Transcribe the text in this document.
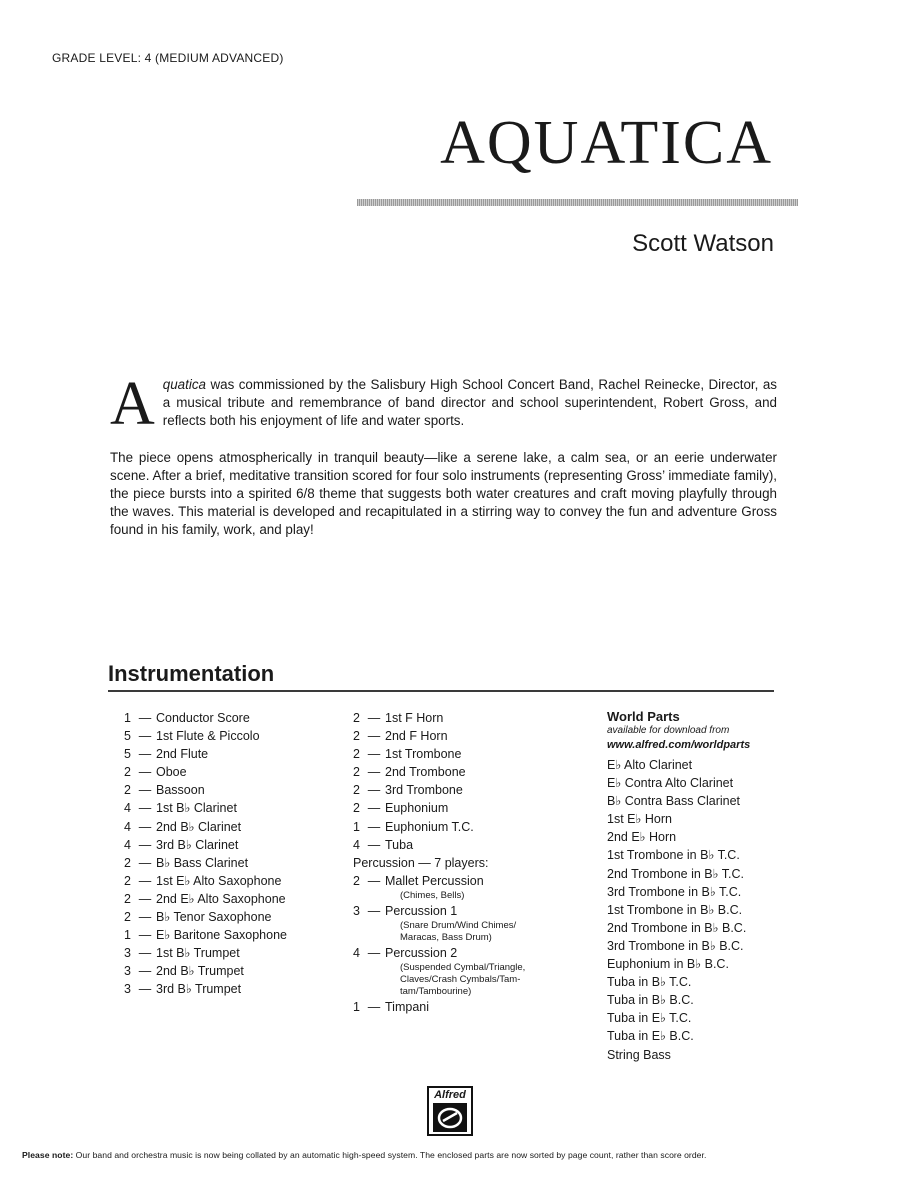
GRADE LEVEL: 4 (MEDIUM ADVANCED)
AQUATICA
Scott Watson
Aquatica was commissioned by the Salisbury High School Concert Band, Rachel Reinecke, Director, as a musical tribute and remembrance of band director and school superintendent, Robert Gross, and reflects both his enjoyment of life and water sports.
The piece opens atmospherically in tranquil beauty—like a serene lake, a calm sea, or an eerie underwater scene. After a brief, meditative transition scored for four solo instruments (representing Gross’ immediate family), the piece bursts into a spirited 6/8 theme that suggests both water creatures and craft moving playfully through the waves. This material is developed and recapitulated in a stirring way to convey the fun and adventure Gross found in his family, work, and play!
Instrumentation
1 — Conductor Score
5 — 1st Flute & Piccolo
5 — 2nd Flute
2 — Oboe
2 — Bassoon
4 — 1st B♭ Clarinet
4 — 2nd B♭ Clarinet
4 — 3rd B♭ Clarinet
2 — B♭ Bass Clarinet
2 — 1st E♭ Alto Saxophone
2 — 2nd E♭ Alto Saxophone
2 — B♭ Tenor Saxophone
1 — E♭ Baritone Saxophone
3 — 1st B♭ Trumpet
3 — 2nd B♭ Trumpet
3 — 3rd B♭ Trumpet
2 — 1st F Horn
2 — 2nd F Horn
2 — 1st Trombone
2 — 2nd Trombone
2 — 3rd Trombone
2 — Euphonium
1 — Euphonium T.C.
4 — Tuba
Percussion — 7 players:
2 — Mallet Percussion
(Chimes, Bells)
3 — Percussion 1
(Snare Drum/Wind Chimes/
Maracas, Bass Drum)
4 — Percussion 2
(Suspended Cymbal/Triangle,
Claves/Crash Cymbals/Tam-
tam/Tambourine)
1 — Timpani
World Parts
available for download from
www.alfred.com/worldparts
E♭ Alto Clarinet
E♭ Contra Alto Clarinet
B♭ Contra Bass Clarinet
1st E♭ Horn
2nd E♭ Horn
1st Trombone in B♭ T.C.
2nd Trombone in B♭ T.C.
3rd Trombone in B♭ T.C.
1st Trombone in B♭ B.C.
2nd Trombone in B♭ B.C.
3rd Trombone in B♭ B.C.
Euphonium in B♭ B.C.
Tuba in B♭ T.C.
Tuba in B♭ B.C.
Tuba in E♭ T.C.
Tuba in E♭ B.C.
String Bass
Alfred
Please note: Our band and orchestra music is now being collated by an automatic high-speed system. The enclosed parts are now sorted by page count, rather than score order.
